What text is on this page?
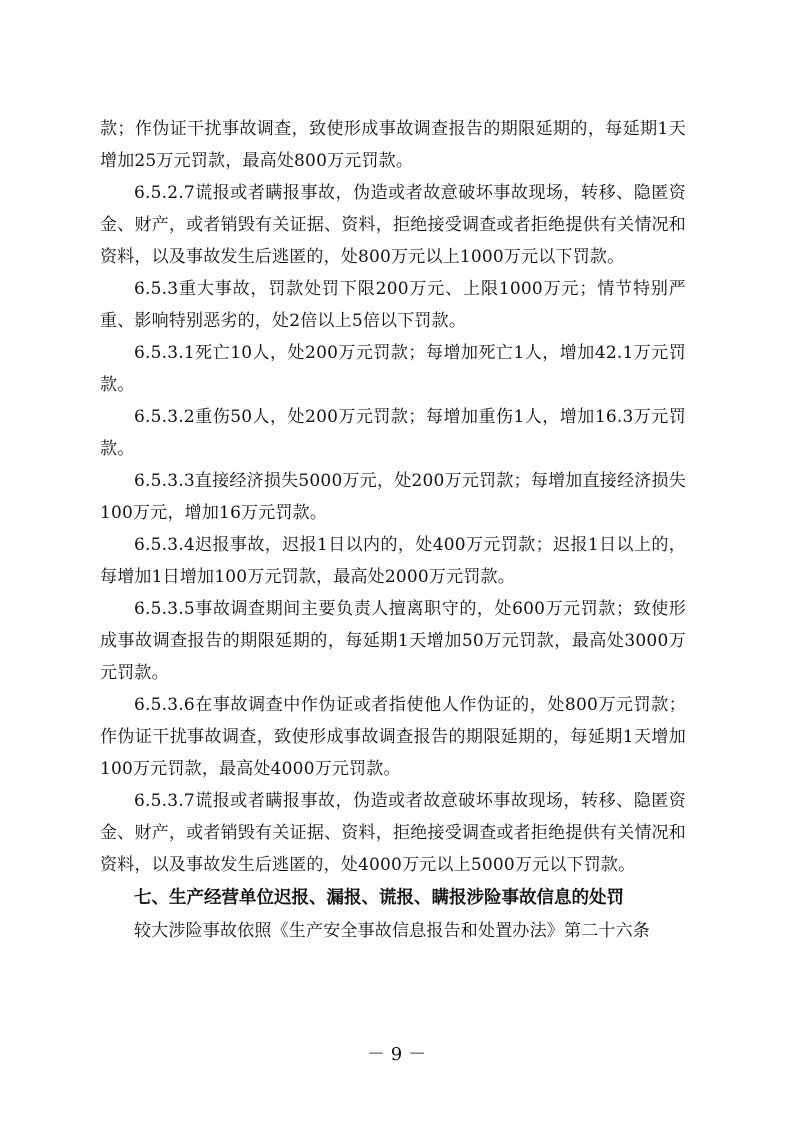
款；作伪证干扰事故调查，致使形成事故调查报告的期限延期的，每延期1天增加25万元罚款，最高处800万元罚款。

6.5.2.7谎报或者瞒报事故，伪造或者故意破坏事故现场，转移、隐匿资金、财产，或者销毁有关证据、资料，拒绝接受调查或者拒绝提供有关情况和资料，以及事故发生后逃匿的，处800万元以上1000万元以下罚款。

6.5.3重大事故，罚款处罚下限200万元、上限1000万元；情节特别严重、影响特别恶劣的，处2倍以上5倍以下罚款。

6.5.3.1死亡10人，处200万元罚款；每增加死亡1人，增加42.1万元罚款。

6.5.3.2重伤50人，处200万元罚款；每增加重伤1人，增加16.3万元罚款。

6.5.3.3直接经济损失5000万元，处200万元罚款；每增加直接经济损失100万元，增加16万元罚款。

6.5.3.4迟报事故，迟报1日以内的，处400万元罚款；迟报1日以上的，每增加1日增加100万元罚款，最高处2000万元罚款。

6.5.3.5事故调查期间主要负责人擅离职守的，处600万元罚款；致使形成事故调查报告的期限延期的，每延期1天增加50万元罚款，最高处3000万元罚款。

6.5.3.6在事故调查中作伪证或者指使他人作伪证的，处800万元罚款；作伪证干扰事故调查，致使形成事故调查报告的期限延期的，每延期1天增加100万元罚款，最高处4000万元罚款。

6.5.3.7谎报或者瞒报事故，伪造或者故意破坏事故现场，转移、隐匿资金、财产，或者销毁有关证据、资料，拒绝接受调查或者拒绝提供有关情况和资料，以及事故发生后逃匿的，处4000万元以上5000万元以下罚款。

七、生产经营单位迟报、漏报、谎报、瞒报涉险事故信息的处罚

较大涉险事故依照《生产安全事故信息报告和处置办法》第二十六条

－ 9 －
